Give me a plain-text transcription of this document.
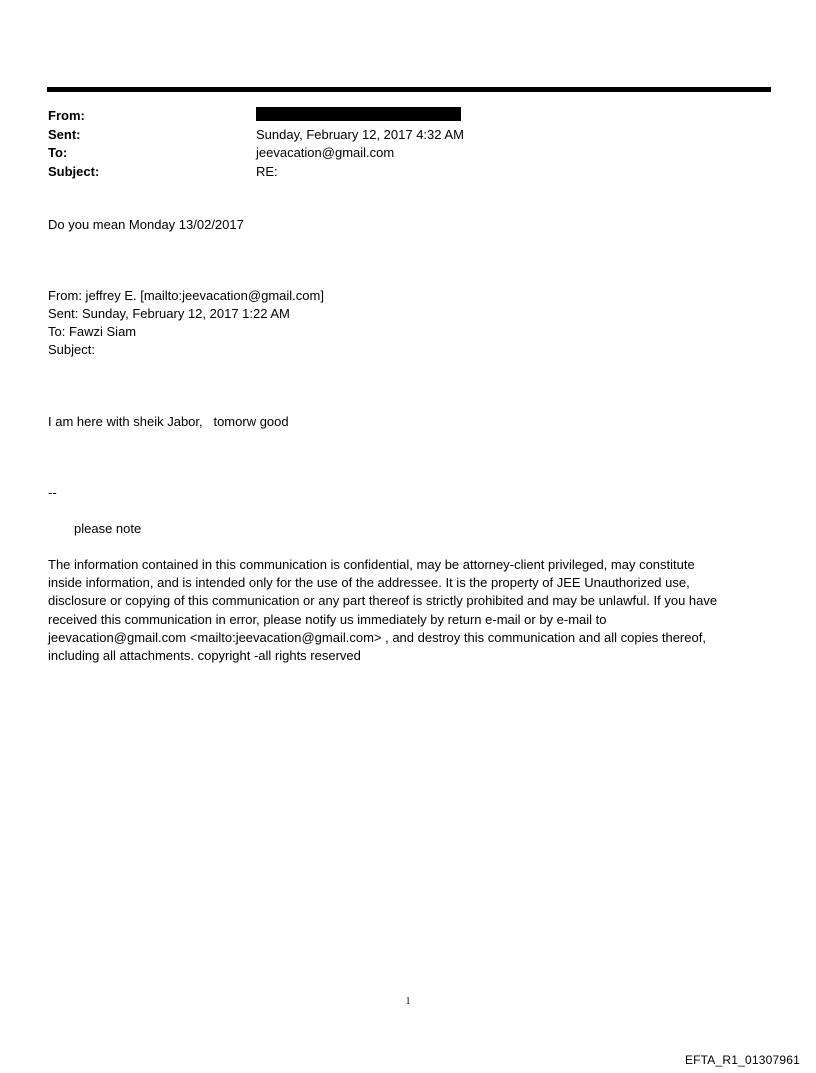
From:
Sent:	Sunday, February 12, 2017 4:32 AM
To:	jeevacation@gmail.com
Subject:	RE:
Do you mean Monday 13/02/2017
From: jeffrey E. [mailto:jeevacation@gmail.com]
Sent: Sunday, February 12, 2017 1:22 AM
To: Fawzi Siam
Subject:
I am here with sheik Jabor,   tomorw good
--
please note
The information contained in this communication is confidential, may be attorney-client privileged, may constitute
inside information, and is intended only for the use of the addressee. It is the property of JEE Unauthorized use,
disclosure or copying of this communication or any part thereof is strictly prohibited and may be unlawful. If you have
received this communication in error, please notify us immediately by return e-mail or by e-mail to
jeevacation@gmail.com <mailto:jeevacation@gmail.com> , and destroy this communication and all copies thereof,
including all attachments. copyright -all rights reserved
1
EFTA_R1_01307961
